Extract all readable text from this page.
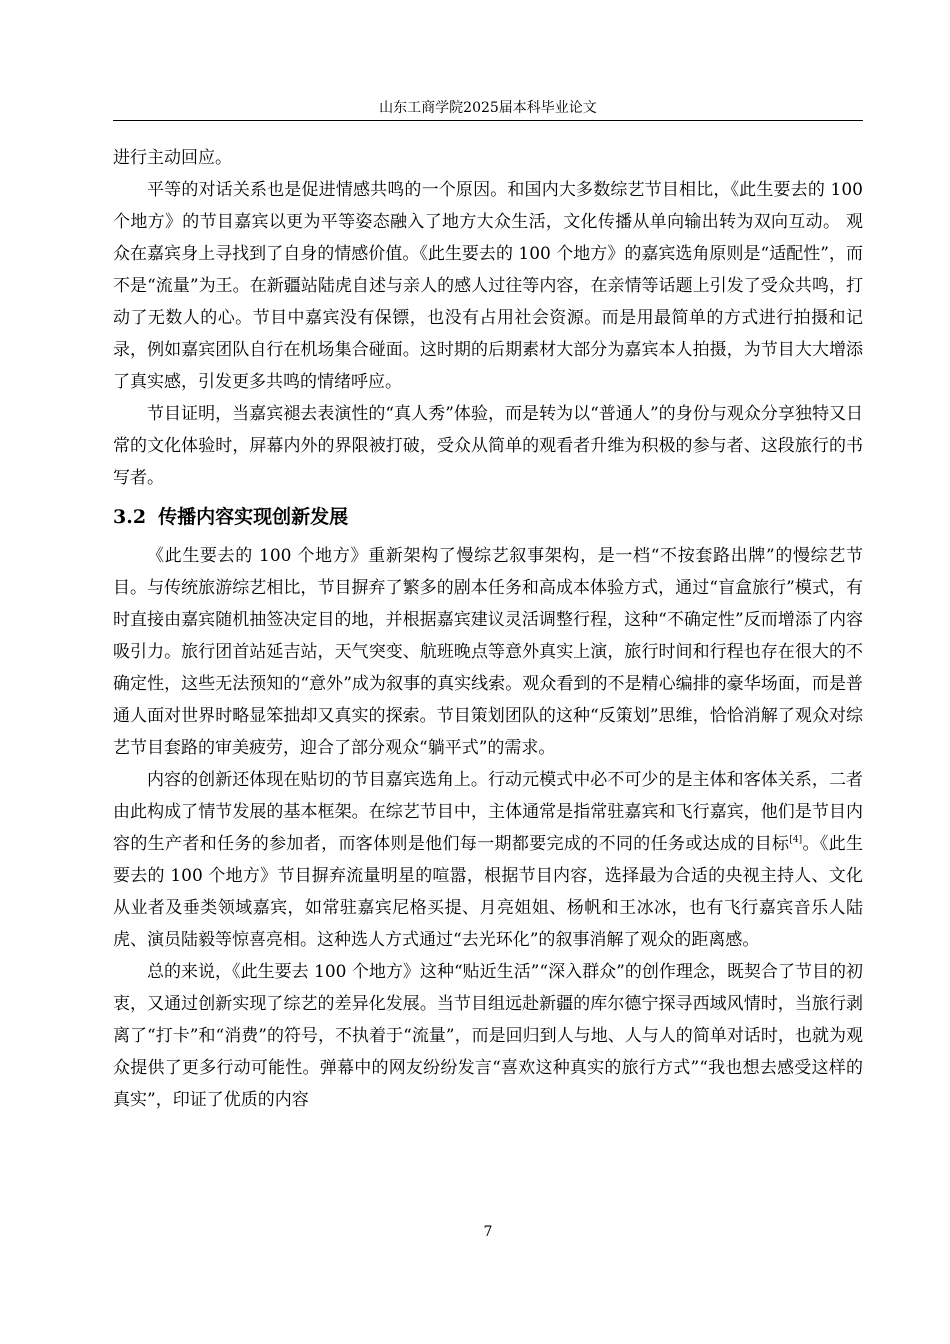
山东工商学院2025届本科毕业论文

进行主动回应。

平等的对话关系也是促进情感共鸣的一个原因。和国内大多数综艺节目相比，《此生要去的 100 个地方》的节目嘉宾以更为平等姿态融入了地方大众生活，文化传播从单向输出转为双向互动。 观众在嘉宾身上寻找到了自身的情感价值。《此生要去的 100 个地方》的嘉宾选角原则是“适配性”，而不是“流量”为王。在新疆站陆虎自述与亲人的感人过往等内容，在亲情等话题上引发了受众共鸣，打动了无数人的心。节目中嘉宾没有保镖，也没有占用社会资源。而是用最简单的方式进行拍摄和记录，例如嘉宾团队自行在机场集合碰面。这时期的后期素材大部分为嘉宾本人拍摄，为节目大大增添了真实感，引发更多共鸣的情绪呼应。

节目证明，当嘉宾褪去表演性的“真人秀”体验，而是转为以“普通人”的身份与观众分享独特又日常的文化体验时，屏幕内外的界限被打破，受众从简单的观看者升维为积极的参与者、这段旅行的书写者。

3.2 传播内容实现创新发展

《此生要去的 100 个地方》重新架构了慢综艺叙事架构，是一档“不按套路出牌”的慢综艺节目。与传统旅游综艺相比，节目摒弃了繁多的剧本任务和高成本体验方式，通过“盲盒旅行”模式，有时直接由嘉宾随机抽签决定目的地，并根据嘉宾建议灵活调整行程，这种“不确定性”反而增添了内容吸引力。旅行团首站延吉站，天气突变、航班晚点等意外真实上演，旅行时间和行程也存在很大的不确定性，这些无法预知的“意外”成为叙事的真实线索。观众看到的不是精心编排的豪华场面，而是普通人面对世界时略显笨拙却又真实的探索。节目策划团队的这种“反策划”思维，恰恰消解了观众对综艺节目套路的审美疲劳，迎合了部分观众“躺平式”的需求。

内容的创新还体现在贴切的节目嘉宾选角上。行动元模式中必不可少的是主体和客体关系，二者由此构成了情节发展的基本框架。在综艺节目中，主体通常是指常驻嘉宾和飞行嘉宾，他们是节目内容的生产者和任务的参加者，而客体则是他们每一期都要完成的不同的任务或达成的目标[4]。《此生要去的 100 个地方》节目摒弃流量明星的喧嚣，根据节目内容，选择最为合适的央视主持人、文化从业者及垂类领域嘉宾，如常驻嘉宾尼格买提、月亮姐姐、杨帆和王冰冰，也有飞行嘉宾音乐人陆虎、演员陆毅等惊喜亮相。这种选人方式通过“去光环化”的叙事消解了观众的距离感。

总的来说，《此生要去 100 个地方》这种“贴近生活”“深入群众”的创作理念，既契合了节目的初衷，又通过创新实现了综艺的差异化发展。当节目组远赴新疆的库尔德宁探寻西域风情时，当旅行剥离了“打卡”和“消费”的符号，不执着于“流量”，而是回归到人与地、人与人的简单对话时，也就为观众提供了更多行动可能性。弹幕中的网友纷纷发言“喜欢这种真实的旅行方式”“我也想去感受这样的真实”，印证了优质的内容

7
